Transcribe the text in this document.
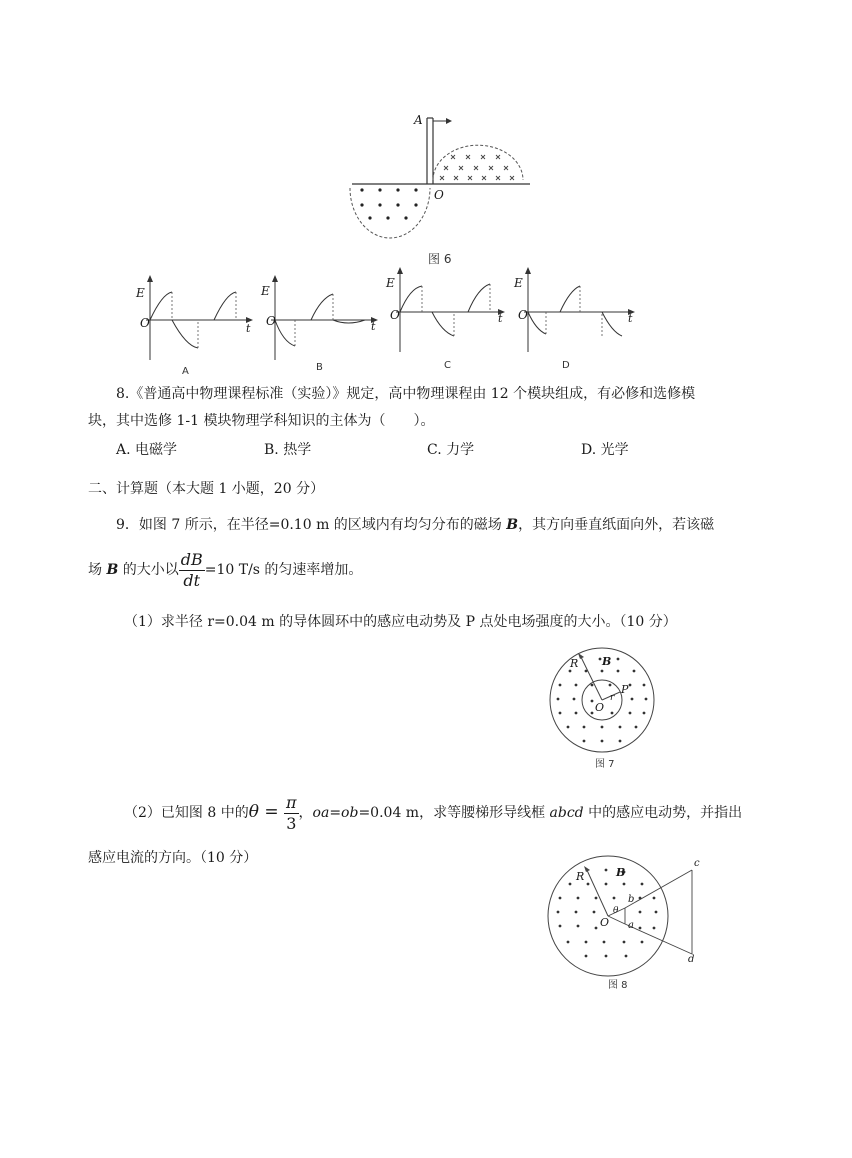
A
O
图 6
E
O	t
A
E
O	t
B
E
O	t
C
E
O	t
D
8.《普通高中物理课程标准（实验）》规定，高中物理课程由 12 个模块组成，有必修和选修模
块，其中选修 1-1 模块物理学科知识的主体为（　　）。
A. 电磁学	B. 热学	C. 力学	D. 光学
二、计算题（本大题 1 小题，20 分）
9．如图 7 所示，在半径=0.10 m 的区域内有均匀分布的磁场 B，其方向垂直纸面向外，若该磁
场 B 的大小以 $\frac{dB}{dt} =10$ T/s 的匀速率增加。
（1）求半径 r=0.04 m 的导体圆环中的感应电动势及 P 点处电场强度的大小。（10 分）
R B
O
r
P
图 7
（2）已知图 8 中的$\theta = \frac{\pi}{3}$ ，oa=ob=0.04 m，求等腰梯形导线框 abcd 中的感应电动势，并指出
感应电流的方向。（10 分）
R	B
O
θ
a
b
c
d
图 8
